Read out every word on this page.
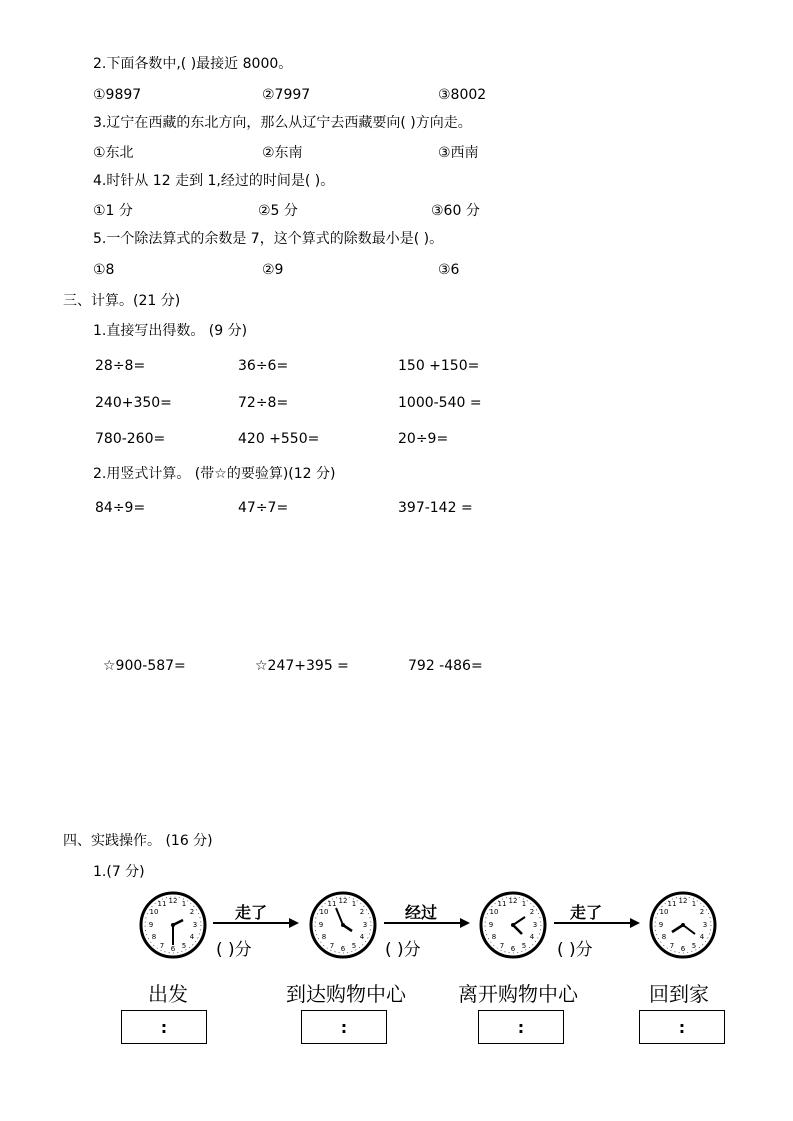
2.下面各数中,( )最接近 8000。
①9897	②7997	③8002
3.辽宁在西藏的东北方向，那么从辽宁去西藏要向( )方向走。
①东北	②东南	③西南
4.时针从 12 走到 1,经过的时间是( )。
①1 分	②5 分	③60 分
5.一个除法算式的余数是 7，这个算式的除数最小是( )。
①8	②9	③6
三、计算。(21 分)
1.直接写出得数。 (9 分)
28÷8=	36÷6=	150 +150=
240+350=	72÷8=	1000-540 =
780-260=	420 +550=	20÷9=
2.用竖式计算。 (带☆的要验算)(12 分)
84÷9=	47÷7=	397-142 =
☆900-587=	☆247+395 =	792 -486=
四、实践操作。 (16 分)
1.(7 分)
12 1
2
3
4
5
6
7
8
9
10
11	12 1
2
3
4
5
6
7
8
9
10
11	12 1
2
3
4
5
6
7
8
9
10
11	12 1
2
3
4
5
6
7
8
9
10
11
走了
( )分
经过
( )分
走了
( )分
出发	到达购物中心	离开购物中心	回到家
:	:	:	:
